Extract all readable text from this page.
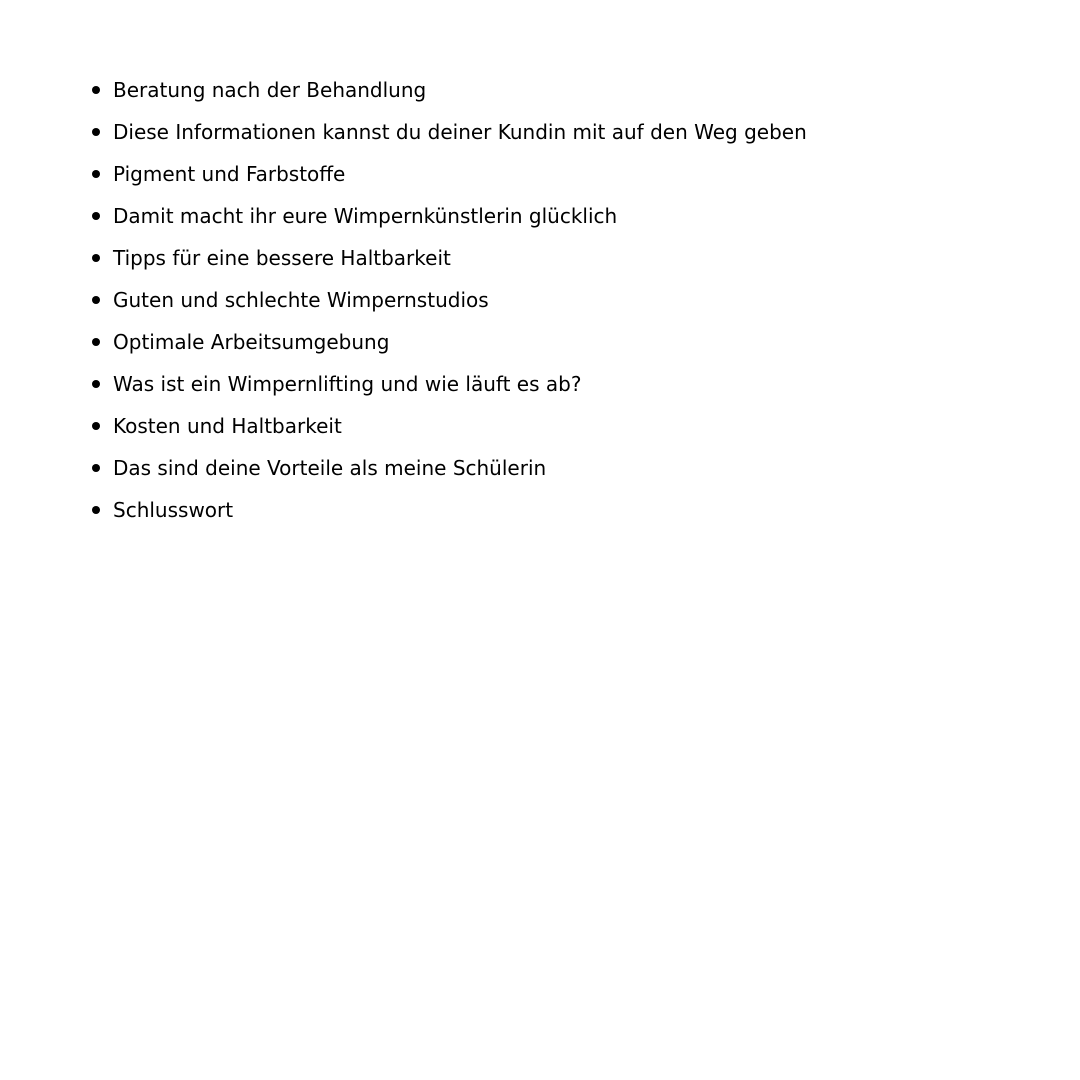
Beratung nach der Behandlung
Diese Informationen kannst du deiner Kundin mit auf den Weg geben
Pigment und Farbstoffe
Damit macht ihr eure Wimpernkünstlerin glücklich
Tipps für eine bessere Haltbarkeit
Guten und schlechte Wimpernstudios
Optimale Arbeitsumgebung
Was ist ein Wimpernlifting und wie läuft es ab?
Kosten und Haltbarkeit
Das sind deine Vorteile als meine Schülerin
Schlusswort
